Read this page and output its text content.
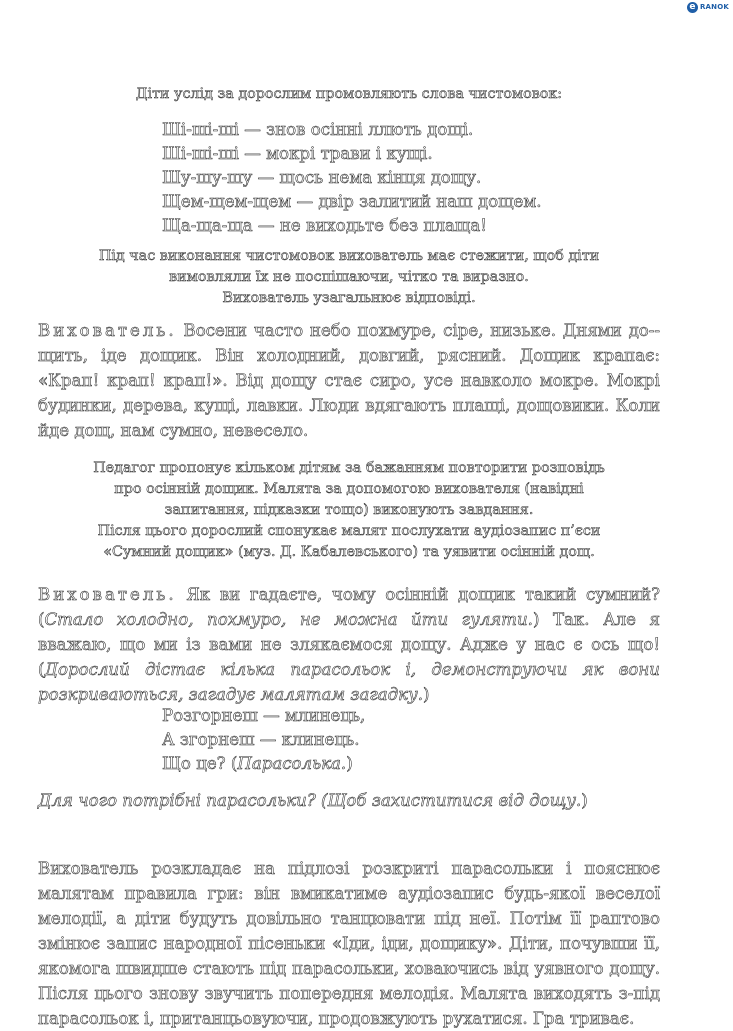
e RANOK
Діти услід за дорослим промовляють слова чистомовок:
Ші-ші-ші — знов осінні ллють дощі.
Ші-ші-ші — мокрі трави і кущі.
Шу-шу-шу — щось нема кінця дощу.
Щем-щем-щем — двір залитий наш дощем.
Ща-ща-ща — не виходьте без плаща!
Під час виконання чистомовок вихователь має стежити, щоб діти
вимовляли їх не поспішаючи, чітко та виразно.
Вихователь узагальнює відповіді.

Вихователь. Восени часто небо похмуре, сіре, низьке. Днями до-щить, іде дощик. Він холодний, довгий, рясний. Дощик крапає: «Крап! крап! крап!». Від дощу стає сиро, усе навколо мокре. Мокрі будинки, дерева, кущі, лавки. Люди вдягають плащі, дощовики. Коли йде дощ, нам сумно, невесело.

Педагог пропонує кільком дітям за бажанням повторити розповідь
про осінній дощик. Малята за допомогою вихователя (навідні
запитання, підказки тощо) виконують завдання.
Після цього дорослий спонукає малят послухати аудіозапис п’єси
«Сумний дощик» (муз. Д. Кабалевського) та уявити осінній дощ.

Вихователь. Як ви гадаєте, чому осінній дощик такий сумний? (Стало холодно, похмуро, не можна йти гуляти.) Так. Але я вважаю, що ми із вами не злякаємося дощу. Адже у нас є ось що! (Дорослий дістає кілька парасольок і, демонструючи як вони розкриваються, загадує малятам загадку.)

Розгорнеш — млинець,
А згорнеш — клинець.
Що це? (Парасолька.)
Для чого потрібні парасольки? (Щоб захиститися від дощу.)

Вихователь розкладає на підлозі розкриті парасольки і пояснює малятам правила гри: він вмикатиме аудіозапис будь-якої веселої мелодії, а діти будуть довільно танцювати під неї. Потім її раптово змінює запис народної пісеньки «Іди, іди, дощику». Діти, почувши її, якомога швидше стають під парасольки, ховаючись від уявного дощу. Після цього знову звучить попередня мелодія. Малята виходять з-під парасольок і, пританцьовуючи, продовжують рухатися. Гра триває.
